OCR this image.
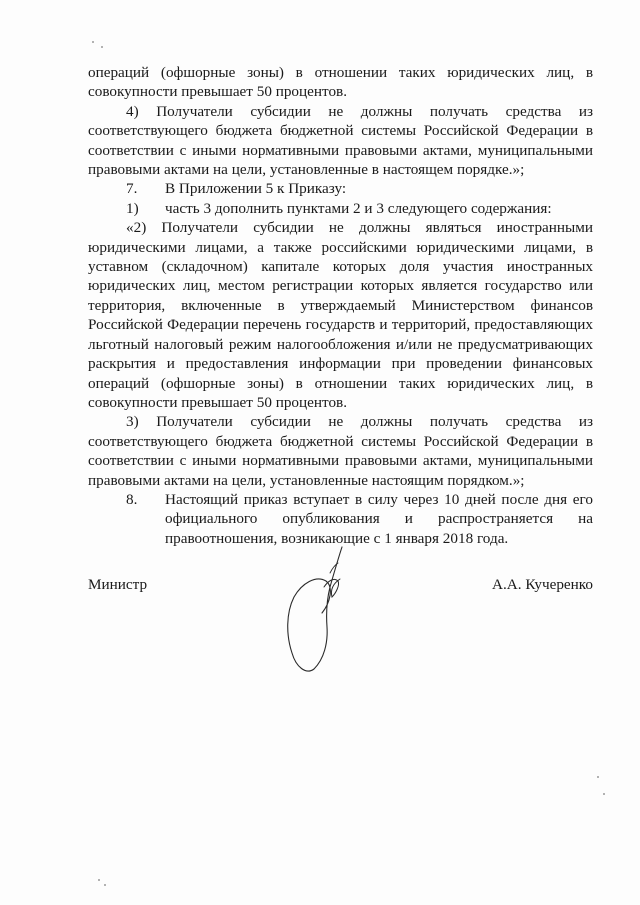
операций (офшорные зоны) в отношении таких юридических лиц, в совокупности превышает 50 процентов.

4) Получатели субсидии не должны получать средства из соответствующего бюджета бюджетной системы Российской Федерации в соответствии с иными нормативными правовыми актами, муниципальными правовыми актами на цели, установленные в настоящем порядке.»;

7.	В Приложении 5 к Приказу:

1)	часть 3 дополнить пунктами 2 и 3 следующего содержания:

«2) Получатели субсидии не должны являться иностранными юридическими лицами, а также российскими юридическими лицами, в уставном (складочном) капитале которых доля участия иностранных юридических лиц, местом регистрации которых является государство или территория, включенные в утверждаемый Министерством финансов Российской Федерации перечень государств и территорий, предоставляющих льготный налоговый режим налогообложения и/или не предусматривающих раскрытия и предоставления информации при проведении финансовых операций (офшорные зоны) в отношении таких юридических лиц, в совокупности превышает 50 процентов.

3) Получатели субсидии не должны получать средства из соответствующего бюджета бюджетной системы Российской Федерации в соответствии с иными нормативными правовыми актами, муниципальными правовыми актами на цели, установленные настоящим порядком.»;

8.	Настоящий приказ вступает в силу через 10 дней после дня его официального опубликования и распространяется на правоотношения, возникающие с 1 января 2018 года.

Министр	А.А. Кучеренко
